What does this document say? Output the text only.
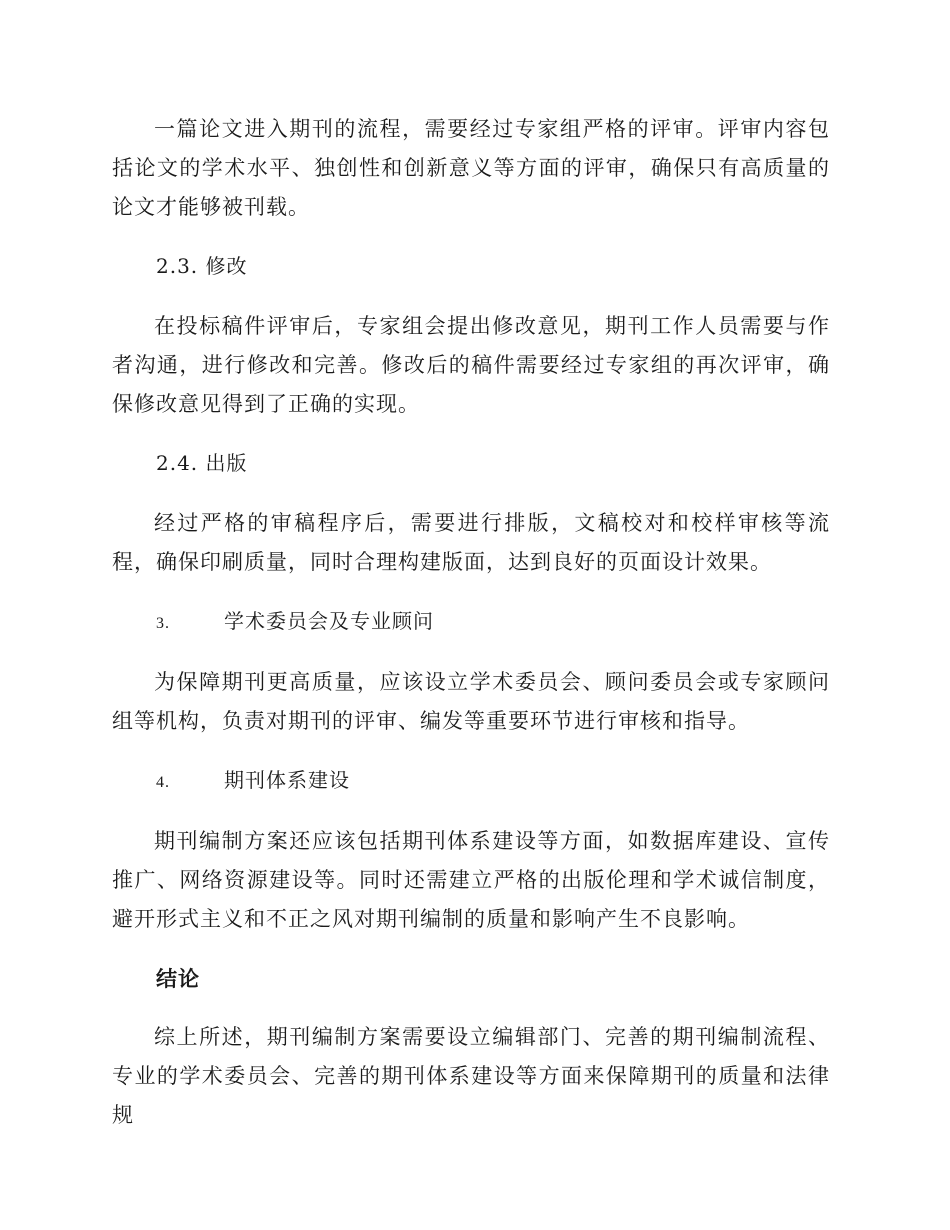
一篇论文进入期刊的流程，需要经过专家组严格的评审。评审内容包括论文的学术水平、独创性和创新意义等方面的评审，确保只有高质量的论文才能够被刊载。

2.3. 修改

在投标稿件评审后，专家组会提出修改意见，期刊工作人员需要与作者沟通，进行修改和完善。修改后的稿件需要经过专家组的再次评审，确保修改意见得到了正确的实现。

2.4. 出版

经过严格的审稿程序后，需要进行排版，文稿校对和校样审核等流程，确保印刷质量，同时合理构建版面，达到良好的页面设计效果。

3.	学术委员会及专业顾问

为保障期刊更高质量，应该设立学术委员会、顾问委员会或专家顾问组等机构，负责对期刊的评审、编发等重要环节进行审核和指导。

4.	期刊体系建设

期刊编制方案还应该包括期刊体系建设等方面，如数据库建设、宣传推广、网络资源建设等。同时还需建立严格的出版伦理和学术诚信制度，避开形式主义和不正之风对期刊编制的质量和影响产生不良影响。

结论

综上所述，期刊编制方案需要设立编辑部门、完善的期刊编制流程、专业的学术委员会、完善的期刊体系建设等方面来保障期刊的质量和法律规
